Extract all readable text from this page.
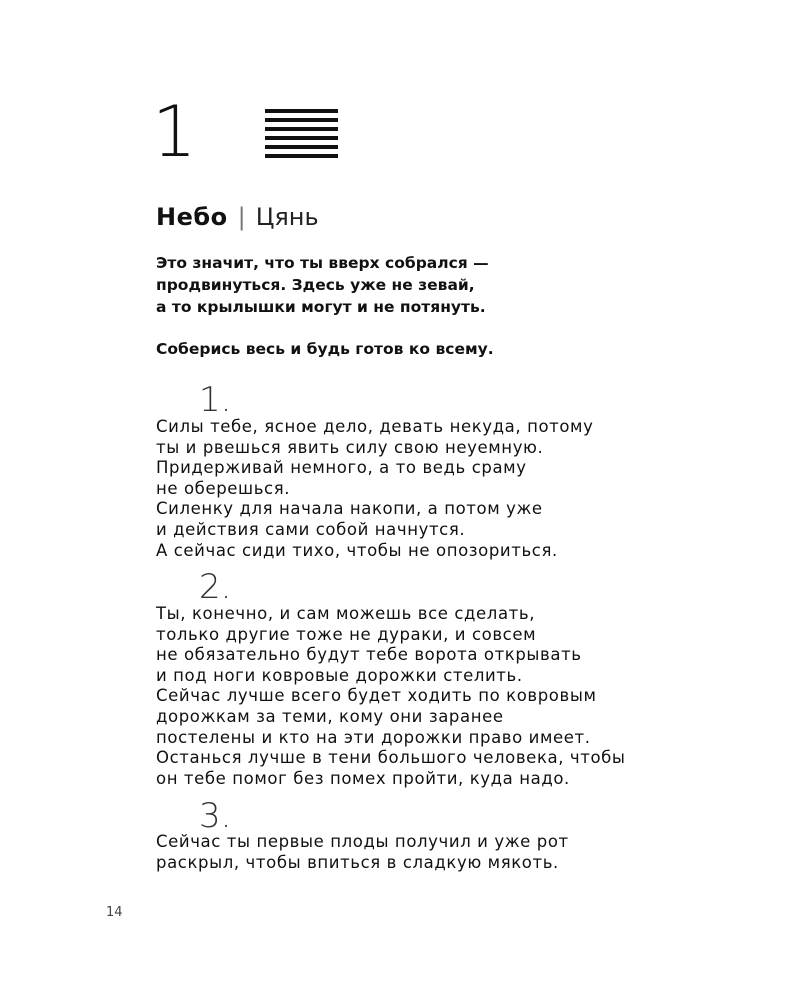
1
Небо | Цянь

Это значит, что ты вверх собрался —

продвинуться. Здесь уже не зевай,

а то крылышки могут и не потянуть.

Соберись весь и будь готов ко всему.

1.

Силы тебе, ясное дело, девать некуда, потому

ты и рвешься явить силу свою неуемную.

Придерживай немного, а то ведь сраму

не оберешься.

Силенку для начала накопи, а потом уже

и действия сами собой начнутся.

А сейчас сиди тихо, чтобы не опозориться.

2.

Ты, конечно, и сам можешь все сделать,

только другие тоже не дураки, и совсем

не обязательно будут тебе ворота открывать

и под ноги ковровые дорожки стелить.

Сейчас лучше всего будет ходить по ковровым

дорожкам за теми, кому они заранее

постелены и кто на эти дорожки право имеет.

Останься лучше в тени большого человека, чтобы

он тебе помог без помех пройти, куда надо.

3.

Сейчас ты первые плоды получил и уже рот

раскрыл, чтобы впиться в сладкую мякоть.

14
